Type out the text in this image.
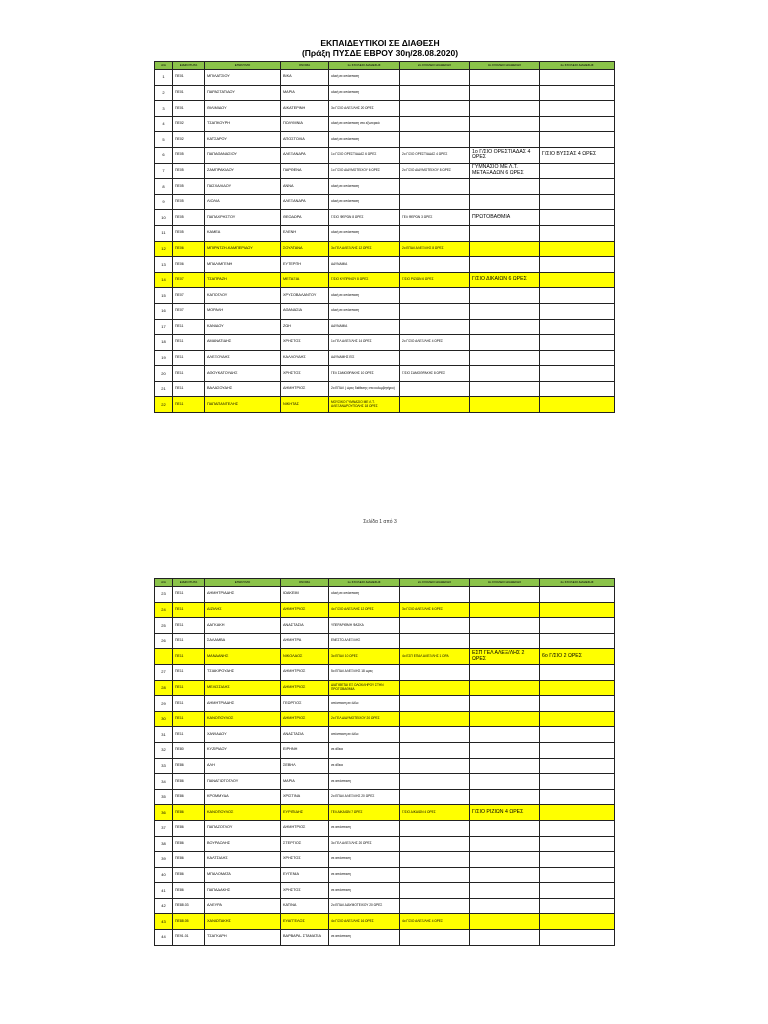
ΕΚΠΑΙΔΕΥΤΙΚΟΙ ΣΕ ΔΙΑΘΕΣΗ
(Πράξη ΠΥΣΔΕ ΕΒΡΟΥ 30η/28.08.2020)
Α/Α	ΕΙΔΙΚΟΤΗΤΑ	ΕΠΩΝΥΜΟ	ΟΝΟΜΑ	1o ΣΧΟΛΕΙΟ ΔΙΑΘΕΣΗΣ	2o ΣΧΟΛΕΙΟ ΔΙΑΘΕΣΗΣ	3o ΣΧΟΛΕΙΟ ΔΙΑΘΕΣΗΣ	4o ΣΧΟΛΕΙΟ ΔΙΑΘΕΣΗΣ
1	ΠΕ01	ΜΠΙΛΑΤΣΙΟΥ	ΒΙΚΑ	ολική σε απόσπαση			
2	ΠΕ01	ΠΑΡΑΣΤΑΤΙΔΟΥ	ΜΑΡΙΑ	ολική σε απόσπαση			
3	ΠΕ01	ΘΙΛΙΜΙΔΟΥ	ΑΙΚΑΤΕΡΙΝΗ	3ο Γ/ΣΙΟ ΑΛΕΞ/ΛΗΣ 20 ΩΡΕΣ			
4	ΠΕ02	ΤΣΑΠΚΟΥΡΗ	ΠΟΛΥΜΝΙΑ	ολική σε απόσπαση στο εξωτερικό			
5	ΠΕ02	ΚΑΤΣΑΡΟΥ	ΑΠΟΣΤΟΛΙΑ	ολική σε απόσπαση			
6	ΠΕ05	ΠΑΠΑΘΑΝΑΣΙΟΥ	ΑΛΕΞΑΝΔΡΑ	1ο Γ/ΣΙΟ ΟΡΕΣΤΙΑΔΑΣ 6 ΩΡΕΣ	2ο Γ/ΣΙΟ ΟΡΕΣΤΙΑΔΑΣ 4 ΩΡΕΣ	1ο Γ/ΣΙΟ ΟΡΕΣΤΙΑΔΑΣ 4 ΩΡΕΣ	Γ/ΣΙΟ ΒΥΣΣΑΣ 4 ΩΡΕΣ
7	ΠΕ05	ΖΑΜΠΡΑΚΙΔΟΥ	ΠΑΡΘΕΝΑ	1ο Γ/ΣΙΟ ΔΙΔΥΜΟΤΕΙΧΟΥ 6 ΩΡΕΣ	2ο Γ/ΣΙΟ ΔΙΔΥΜΟΤΕΙΧΟΥ 8 ΩΡΕΣ	ΓΥΜΝΑΣΙΟ ΜΕ Λ.Τ. ΜΕΤΑΞΑΔΩΝ 6 ΩΡΕΣ	
8	ΠΕ05	ΠΑΣΧΑΛΙΔΟΥ	ΑΝΝΑ	ολική σε απόσπαση			
9	ΠΕ05	ΛΙΟΛΙΑ	ΑΛΕΞΑΝΔΡΑ	ολική σε απόσπαση			
10	ΠΕ05	ΠΑΠΑΧΡΗΣΤΟΥ	ΘΕΟΔΩΡΑ	Γ/ΣΙΟ ΦΕΡΩΝ 8 ΩΡΕΣ	ΓΕΛ ΦΕΡΩΝ 3 ΩΡΕΣ	ΠΡΩΤΟΒΑΘΜΙΑ	
11	ΠΕ05	ΚΑΜΕΑ	ΕΛΕΝΗ	ολική σε απόσπαση			
12	ΠΕ06	ΜΠΙΡΝΤΖΗ-ΚΑΜΠΕΡΙΔΟΥ	ΣΟΥΛΤΑΝΑ	3ο ΓΕΛ ΑΛΕΞ/ΛΗΣ 12 ΩΡΕΣ	2ο ΕΠΑΛ ΑΛΕΞ/ΛΗΣ 8 ΩΡΕΣ		
13	ΠΕ06	ΜΠΑΛΙΜΓΕΝΗ	ΕΥΤΕΡΠΗ	ΑΔΥΝΑΜΙΑ			
14	ΠΕ07	ΤΣΑΠΡΑΖΗ	ΜΕΤΑΞΙΑ	Γ/ΣΙΟ ΚΥΠΡΙΝΟΥ 8 ΩΡΕΣ	Γ/ΣΙΟ ΡΙΖΙΩΝ 6 ΩΡΕΣ	Γ/ΣΙΟ ΔΙΚΑΙΩΝ 6 ΩΡΕΣ	
15	ΠΕ07	ΚΑΠΟΓΛΟΥ	ΧΡΥΣΟΒΑΛΑΝΤΟΥ	ολική σε απόσπαση			
16	ΠΕ07	ΜΟΡΑΛΗ	ΑΘΑΝΑΣΙΑ	ολική σε απόσπαση			
17	ΠΕ11	ΚΑΝΙΔΟΥ	ΖΩΗ	ΑΔΥΝΑΜΙΑ			
18	ΠΕ11	ΑΜΑΝΑΤΙΔΗΣ	ΧΡΗΣΤΟΣ	1ο ΓΕΛ ΑΛΕΞ/ΛΗΣ 14 ΩΡΕΣ	2ο Γ/ΣΙΟ ΑΛΕΞ/ΛΗΣ 4 ΩΡΕΣ		
19	ΠΕ11	ΑΛΕΞΟΥΔΗΣ	ΚΑΛΛΟΥΔΗΣ	ΑΔΥΝΑΜΗΣ ΕΙΣ			
20	ΠΕ11	ΑΘΟΥΚΑΤΟΥΔΗΣ	ΧΡΗΣΤΟΣ	ΓΕΛ ΣΑΜΟΘΡΑΚΗΣ 10 ΩΡΕΣ	Γ/ΣΙΟ ΣΑΜΟΘΡΑΚΗΣ 8 ΩΡΕΣ		
21	ΠΕ11	ΒΑΛΑΣΟΥΔΗΣ	ΔΗΜΗΤΡΙΟΣ	2ο ΕΠΑΛ ( ώρες διάθεσης στο κολυμβητήριο)			
22	ΠΕ11	ΠΑΠΑΠΑΝΤΕΛΗΣ	ΝΙΚΗΤΑΣ	ΜΟΥΣΙΚΟ ΓΥΜΝΑΣΙΟ ΜΕ Λ.Τ. ΑΛΕΞΑΝΔΡΟΥΠΟΛΗΣ 18 ΩΡΕΣ			
Σελίδα 1 από 3
Α/Α	ΕΙΔΙΚΟΤΗΤΑ	ΕΠΩΝΥΜΟ	ΟΝΟΜΑ	1o ΣΧΟΛΕΙΟ ΔΙΑΘΕΣΗΣ	2o ΣΧΟΛΕΙΟ ΔΙΑΘΕΣΗΣ	3o ΣΧΟΛΕΙΟ ΔΙΑΘΕΣΗΣ	4o ΣΧΟΛΕΙΟ ΔΙΑΘΕΣΗΣ
23	ΠΕ11	ΔΗΜΗΤΡΙΑΔΗΣ	ΙΩΑΚΕΙΜ	ολική σε απόσπαση			
24	ΠΕ11	ΔΙΖΙΛΗΣ	ΔΗΜΗΤΡΙΟΣ	4ο Γ/ΣΙΟ ΑΛΕΞ/ΛΗΣ 12 ΩΡΕΣ	3ο Γ/ΣΙΟ ΑΛΕΞ/ΛΗΣ 6 ΩΡΕΣ		
25	ΠΕ11	ΔΑΓΚΑΚΗ	ΑΝΑΣΤΑΣΙΑ	ΥΠΕΡΑΡΙΘΜΗ ΦΑΣΚΑ			
26	ΠΕ11	ΣΑΛΑΜΒΑ	ΔΗΜΗΤΡΑ	ΕΝΕΣΤΩ ΑΛΕΞ/ΛΗΣ			
	ΠΕ11	ΜΑΝΔΑΝΗΣ	ΝΙΚΟΛΑΟΣ	3ο ΕΠΑΛ 10 ΩΡΕΣ	4ο ΕΣΠ ΕΠΑΛ ΑΛΕΞ/ΛΗΣ 1 ΩΡΑ	ΕΣΠ ΓΕΛ ΑΛΕΞ/ΛΗΣ 2 ΩΡΕΣ	6ο Γ/ΣΙΟ 2 ΩΡΕΣ
27	ΠΕ11	ΤΣΙΑΚΙΡΟΥΔΗΣ	ΔΗΜΗΤΡΙΟΣ	5ο ΕΠΑΛ ΑΛΕΞ/ΛΗΣ 18 ωρες			
28	ΠΕ11	ΜΕΛΙΣΣΙΔΗΣ	ΔΗΜΗΤΡΙΟΣ	ΔΙΑΤΙΘΕΤΑΙ ΕΞ ΟΛΟΚΛΗΡΟΥ ΣΤΗΝ ΠΡΩΤΟΒΑΘΜΙΑ			
29	ΠΕ11	ΔΗΜΗΤΡΙΑΔΗΣ	ΓΕΩΡΓΙΟΣ	απόσπαση σε άλλο			
30	ΠΕ11	ΚΑΝΟΠΟΥΛΟΣ	ΔΗΜΗΤΡΙΟΣ	2ο ΓΕΛ ΔΙΔΥΜΟΤΕΙΧΟΥ 20 ΩΡΕΣ			
31	ΠΕ11	ΧΑΨΙΑΔΟΥ	ΑΝΑΣΤΑΣΙΑ	απόσπαση σε άλλο			
32	ΠΕ80	ΚΥΖΙΡΙΔΟΥ	ΕΙΡΗΝΗ	σε άδεια			
33	ΠΕ86	ΑΛΗ	ΣΕΒΗΛ	σε άδεια			
34	ΠΕ86	ΠΑΝΑΓΙΩΤΟΓΛΟΥ	ΜΑΡΙΑ	σε απόσπαση			
35	ΠΕ86	ΚΡΟΜΜΥΔΑ	ΧΡΙΣΤΙΝΑ	2ο ΕΠΑΛ ΑΛΕΞ/ΛΗΣ 20 ΩΡΕΣ			
36	ΠΕ86	ΚΑΝΟΠΟΥΛΟΣ	ΕΥΡΙΠΙΔΗΣ	ΓΕΛ ΔΙΚΑΙΩΝ 7 ΩΡΕΣ	Γ/ΣΙΟ ΔΙΚΑΙΩΝ 4 ΩΡΕΣ	Γ/ΣΙΟ ΡΙΖΙΩΝ 4 ΩΡΕΣ	
37	ΠΕ86	ΠΑΠΑΖΟΓΛΟΥ	ΔΗΜΗΤΡΙΟΣ	σε απόσπαση			
38	ΠΕ86	ΒΟΥΡΔΟΛΗΣ	ΣΤΕΡΓΙΟΣ	3ο ΓΕΛ ΑΛΕΞ/ΛΗΣ 20 ΩΡΕΣ			
39	ΠΕ86	ΚΑΛΤΣΙΔΗΣ	ΧΡΗΣΤΟΣ	σε απόσπαση			
40	ΠΕ86	ΜΠΑΛΟΜΑΤΑ	ΕΥΓΕΝΙΑ	σε απόσπαση			
41	ΠΕ86	ΠΑΠΑΔΑΚΗΣ	ΧΡΗΣΤΟΣ	σε απόσπαση			
42	ΠΕ88.03	ΑΛΕΥΡΑ	ΚΑΤΙΝΑ	2ο ΕΠΑΛ ΔΙΔΥΜΟΤΕΙΧΟΥ 20 ΩΡΕΣ			
43	ΠΕ88.05	ΧΑΝΙΩΤΑΚΗΣ	ΕΥΑΓΓΕΛΟΣ	4ο Γ/ΣΙΟ ΑΛΕΞ/ΛΗΣ 16 ΩΡΕΣ	4ο Γ/ΣΙΟ ΑΛΕΞ/ΛΗΣ 4 ΩΡΕΣ		
44	ΠΕ91.01	ΤΣΑΓΚΑΡΗ	ΒΑΡΒΑΡΑ- ΣΤΑΜΑΤΙΑ	σε απόσπαση			
